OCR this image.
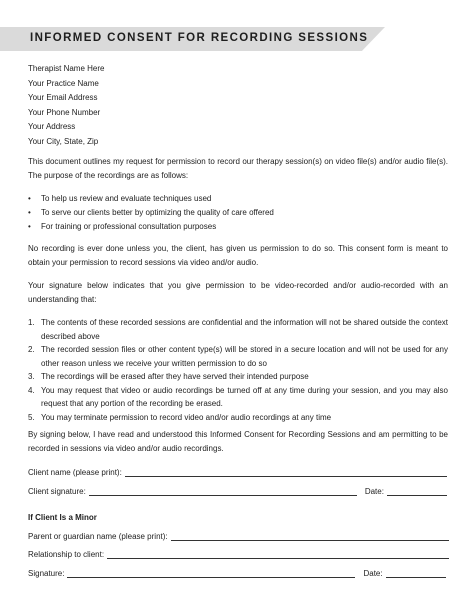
INFORMED CONSENT FOR RECORDING SESSIONS
Therapist Name Here
Your Practice Name
Your Email Address
Your Phone Number
Your Address
Your City, State, Zip
This document outlines my request for permission to record our therapy session(s) on video file(s) and/or audio file(s). The purpose of the recordings are as follows:
• To help us review and evaluate techniques used
• To serve our clients better by optimizing the quality of care offered
• For training or professional consultation purposes
No recording is ever done unless you, the client, has given us permission to do so. This consent form is meant to obtain your permission to record sessions via video and/or audio.
Your signature below indicates that you give permission to be video-recorded and/or audio-recorded with an understanding that:
1. The contents of these recorded sessions are confidential and the information will not be shared outside the context described above
2. The recorded session files or other content type(s) will be stored in a secure location and will not be used for any other reason unless we receive your written permission to do so
3. The recordings will be erased after they have served their intended purpose
4. You may request that video or audio recordings be turned off at any time during your session, and you may also request that any portion of the recording be erased.
5. You may terminate permission to record video and/or audio recordings at any time
By signing below, I have read and understood this Informed Consent for Recording Sessions and am permitting to be recorded in sessions via video and/or audio recordings.
Client name (please print):
Client signature:	Date:
If Client Is a Minor
Parent or guardian name (please print):
Relationship to client:
Signature:	Date:
